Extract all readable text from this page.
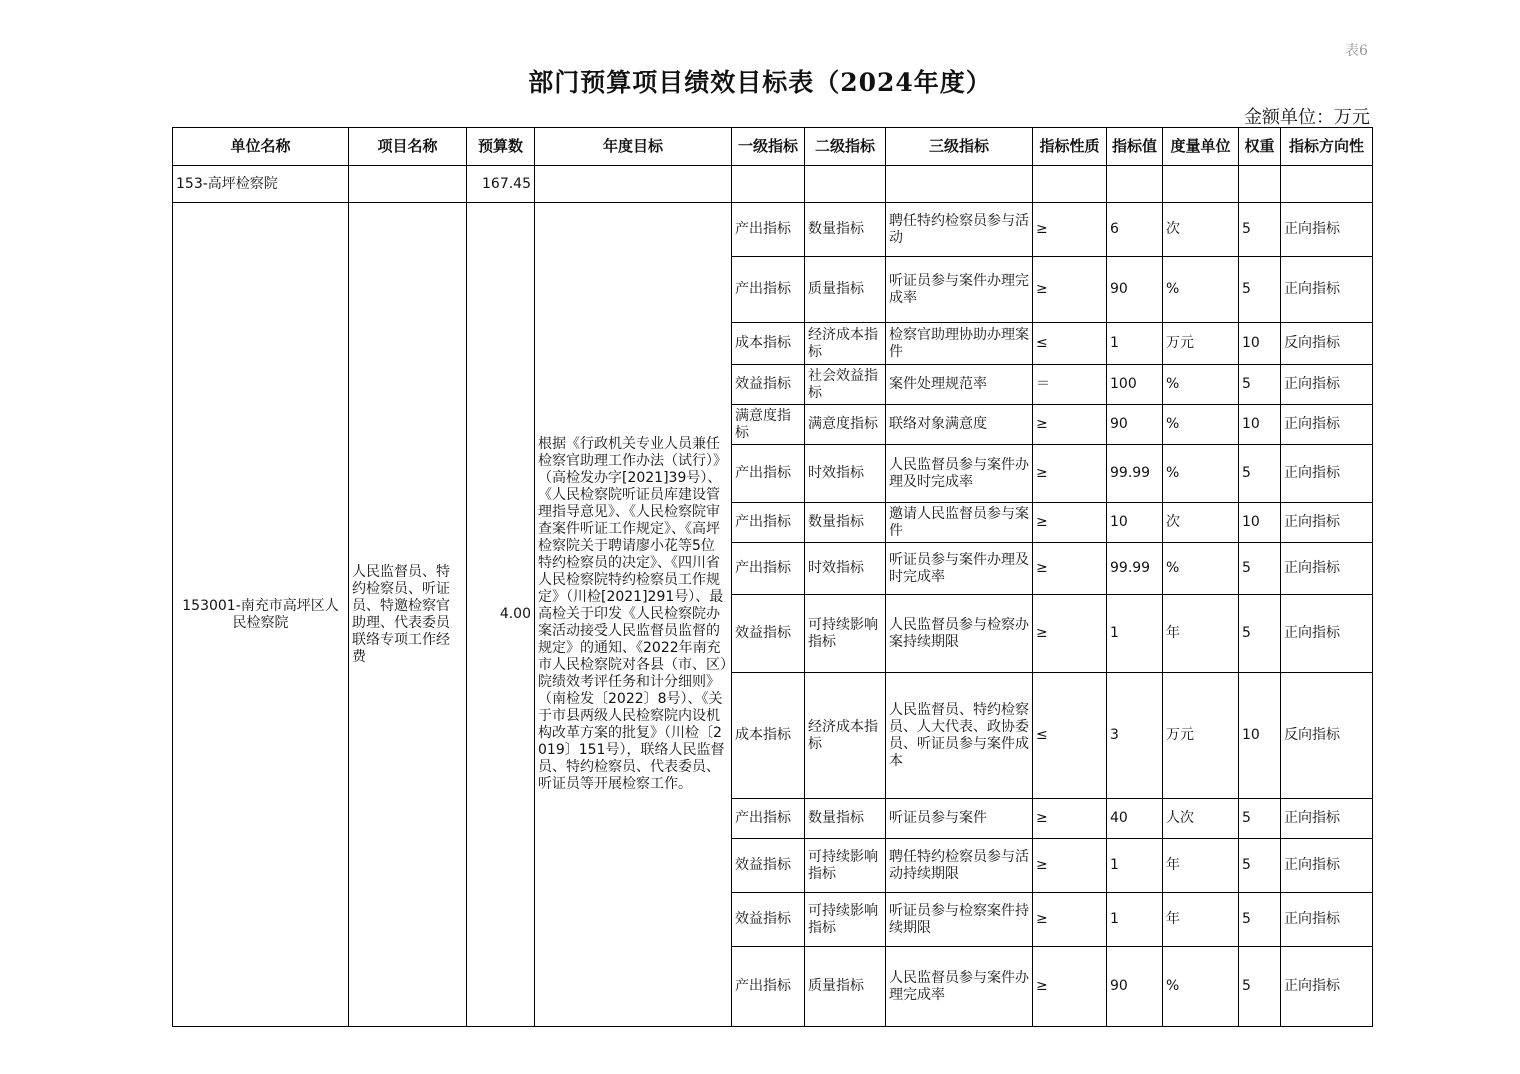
表6
部门预算项目绩效目标表（2024年度）
金额单位：万元
单位名称	项目名称	预算数	年度目标	一级指标	二级指标	三级指标	指标性质	指标值	度量单位	权重	指标方向性
153-高坪检察院		167.45									
153001-南充市高坪区人民检察院	人民监督员、特约检察员、听证员、特邀检察官助理、代表委员联络专项工作经费	4.00	根据《行政机关专业人员兼任检察官助理工作办法（试行）》（高检发办字[2021]39号）、《人民检察院听证员库建设管理指导意见》、《人民检察院审查案件听证工作规定》、《高坪检察院关于聘请廖小花等5位特约检察员的决定》、《四川省人民检察院特约检察员工作规定》（川检[2021]291号）、最高检关于印发《人民检察院办案活动接受人民监督员监督的规定》的通知、《2022年南充市人民检察院对各县（市、区）院绩效考评任务和计分细则》（南检发〔2022〕8号）、《关于市县两级人民检察院内设机构改革方案的批复》（川检〔2019〕151号），联络人民监督员、特约检察员、代表委员、听证员等开展检察工作。	产出指标	数量指标	聘任特约检察员参与活动	≥	6	次	5	正向指标
				产出指标	质量指标	听证员参与案件办理完成率	≥	90	%	5	正向指标
				成本指标	经济成本指标	检察官助理协助办理案件	≤	1	万元	10	反向指标
				效益指标	社会效益指标	案件处理规范率	＝	100	%	5	正向指标
				满意度指标	满意度指标	联络对象满意度	≥	90	%	10	正向指标
				产出指标	时效指标	人民监督员参与案件办理及时完成率	≥	99.99	%	5	正向指标
				产出指标	数量指标	邀请人民监督员参与案件	≥	10	次	10	正向指标
				产出指标	时效指标	听证员参与案件办理及时完成率	≥	99.99	%	5	正向指标
				效益指标	可持续影响指标	人民监督员参与检察办案持续期限	≥	1	年	5	正向指标
				成本指标	经济成本指标	人民监督员、特约检察员、人大代表、政协委员、听证员参与案件成本	≤	3	万元	10	反向指标
				产出指标	数量指标	听证员参与案件	≥	40	人次	5	正向指标
				效益指标	可持续影响指标	聘任特约检察员参与活动持续期限	≥	1	年	5	正向指标
				效益指标	可持续影响指标	听证员参与检察案件持续期限	≥	1	年	5	正向指标
				产出指标	质量指标	人民监督员参与案件办理完成率	≥	90	%	5	正向指标
